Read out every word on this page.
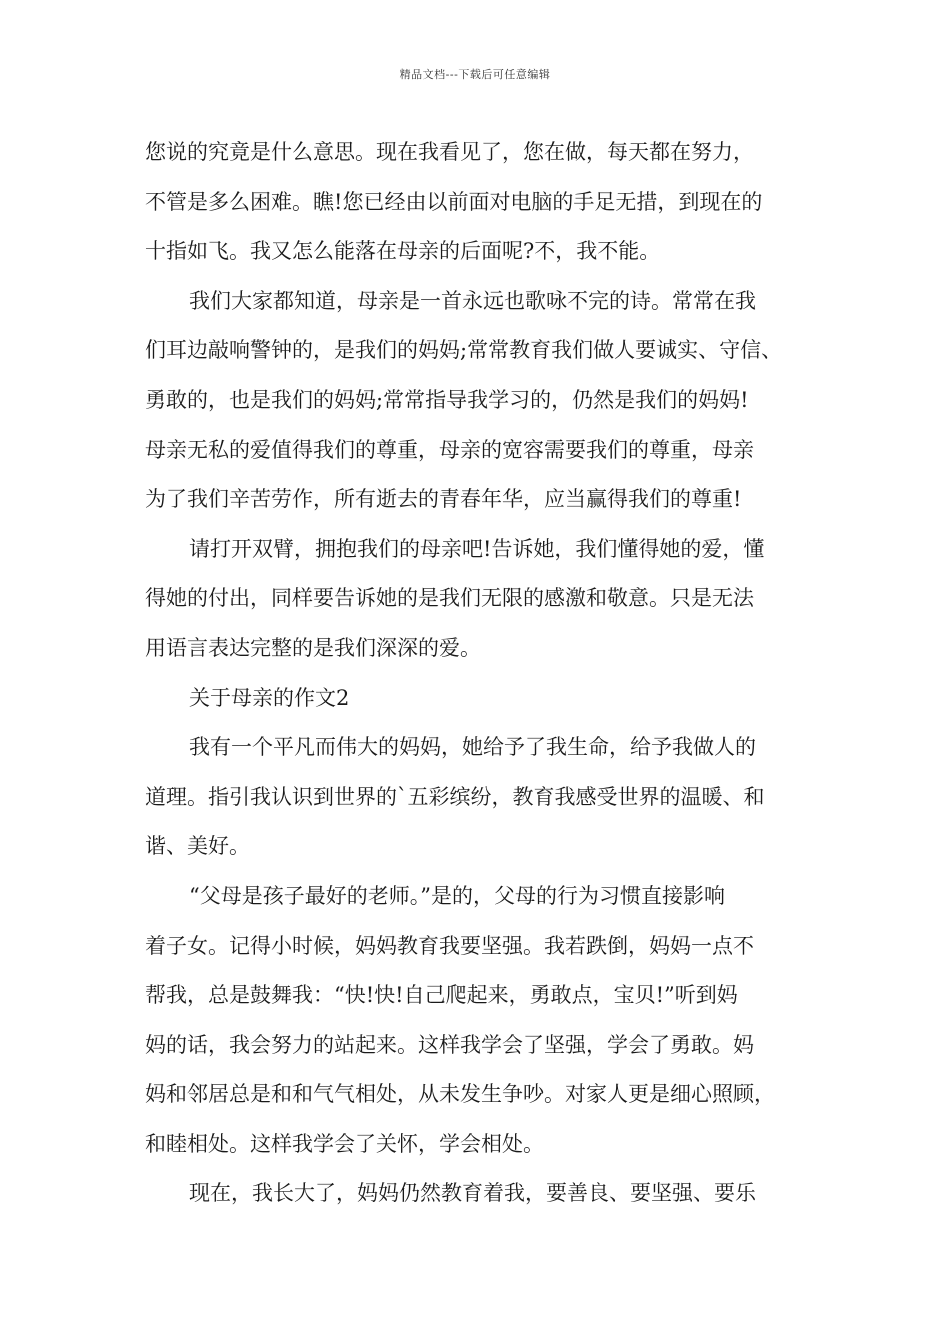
精品文档---下载后可任意编辑
您说的究竟是什么意思。现在我看见了，您在做，每天都在努力，
不管是多么困难。瞧!您已经由以前面对电脑的手足无措，到现在的
十指如飞。我又怎么能落在母亲的后面呢?不，我不能。
我们大家都知道，母亲是一首永远也歌咏不完的诗。常常在我
们耳边敲响警钟的，是我们的妈妈;常常教育我们做人要诚实、守信、
勇敢的，也是我们的妈妈;常常指导我学习的，仍然是我们的妈妈!
母亲无私的爱值得我们的尊重，母亲的宽容需要我们的尊重，母亲
为了我们辛苦劳作，所有逝去的青春年华，应当赢得我们的尊重!
请打开双臂，拥抱我们的母亲吧!告诉她，我们懂得她的爱，懂
得她的付出，同样要告诉她的是我们无限的感激和敬意。只是无法
用语言表达完整的是我们深深的爱。
关于母亲的作文2
我有一个平凡而伟大的妈妈，她给予了我生命，给予我做人的
道理。指引我认识到世界的`五彩缤纷，教育我感受世界的温暖、和
谐、美好。
“父母是孩子最好的老师。”是的，父母的行为习惯直接影响
着子女。记得小时候，妈妈教育我要坚强。我若跌倒，妈妈一点不
帮我，总是鼓舞我：“快!快!自己爬起来，勇敢点，宝贝!”听到妈
妈的话，我会努力的站起来。这样我学会了坚强，学会了勇敢。妈
妈和邻居总是和和气气相处，从未发生争吵。对家人更是细心照顾，
和睦相处。这样我学会了关怀，学会相处。
现在，我长大了，妈妈仍然教育着我，要善良、要坚强、要乐
